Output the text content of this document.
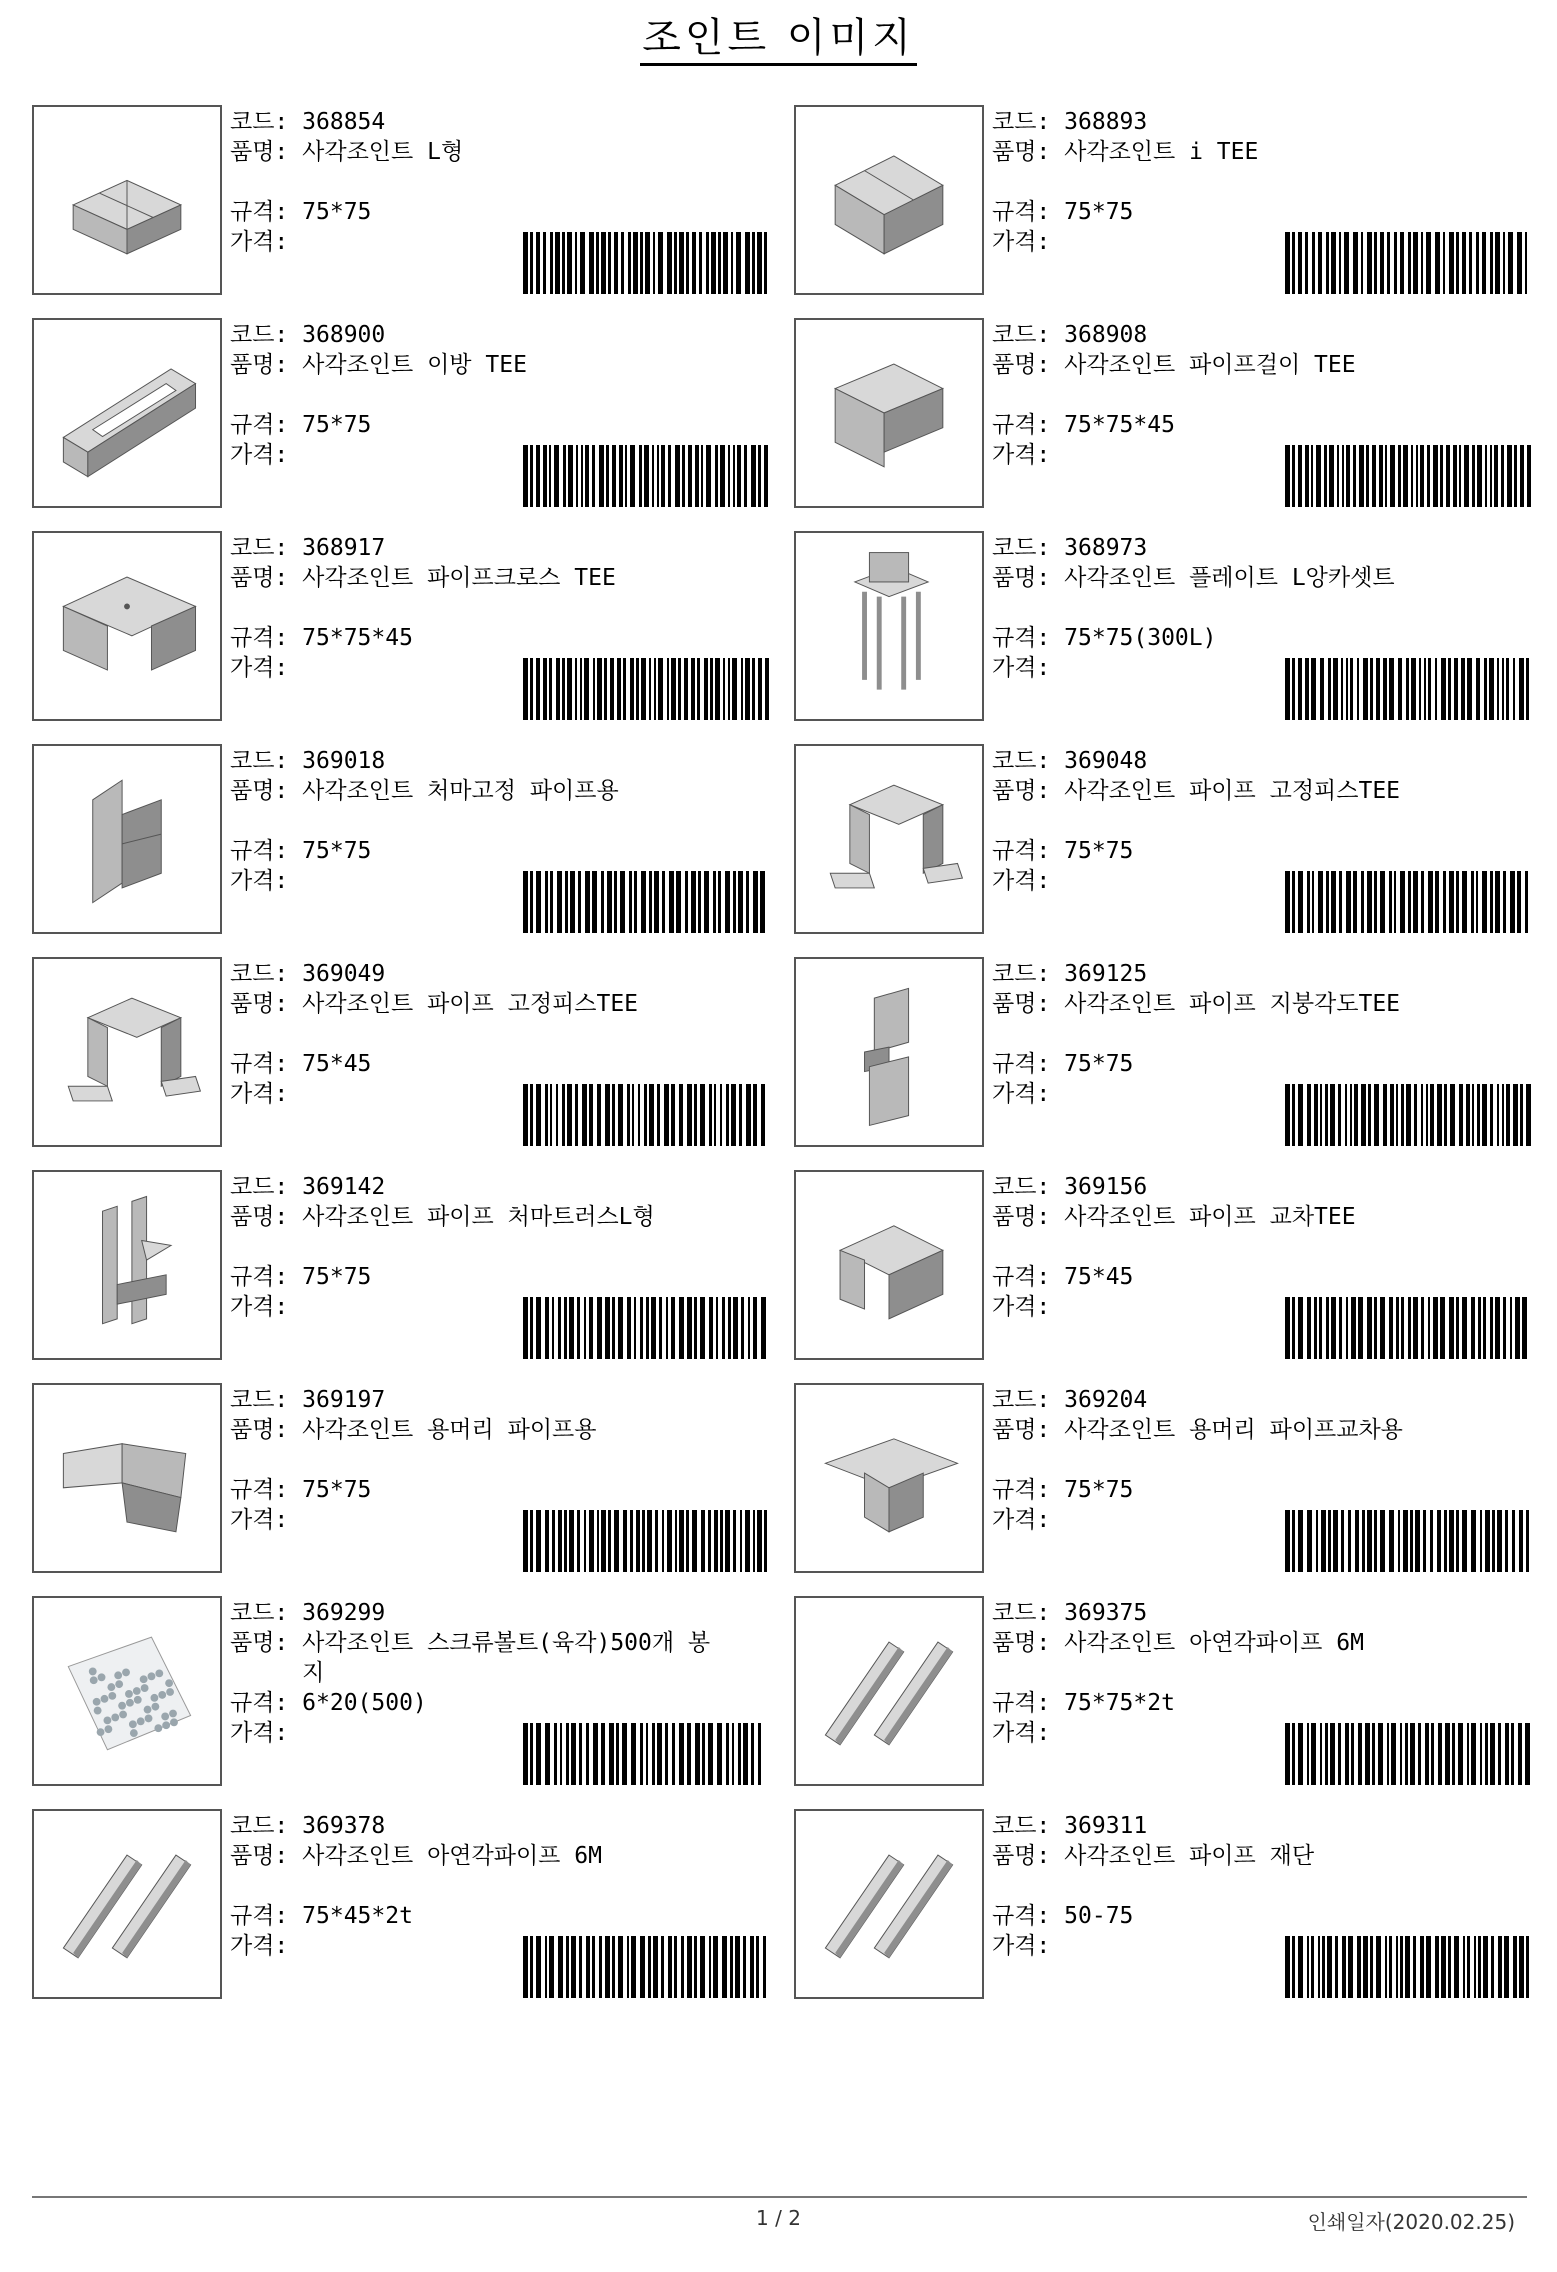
조인트 이미지
코드: 368854
품명: 사각조인트 L형
규격: 75*75
가격:
코드: 368893
품명: 사각조인트 i TEE
규격: 75*75
가격:
코드: 368900
품명: 사각조인트 이방 TEE
규격: 75*75
가격:
코드: 368908
품명: 사각조인트 파이프걸이 TEE
규격: 75*75*45
가격:
코드: 368917
품명: 사각조인트 파이프크로스 TEE
규격: 75*75*45
가격:
코드: 368973
품명: 사각조인트 플레이트 L앙카셋트
규격: 75*75(300L)
가격:
코드: 369018
품명: 사각조인트 처마고정 파이프용
규격: 75*75
가격:
코드: 369048
품명: 사각조인트 파이프 고정피스TEE
규격: 75*75
가격:
코드: 369049
품명: 사각조인트 파이프 고정피스TEE
규격: 75*45
가격:
코드: 369125
품명: 사각조인트 파이프 지붕각도TEE
규격: 75*75
가격:
코드: 369142
품명: 사각조인트 파이프 처마트러스L형
규격: 75*75
가격:
코드: 369156
품명: 사각조인트 파이프 교차TEE
규격: 75*45
가격:
코드: 369197
품명: 사각조인트 용머리 파이프용
규격: 75*75
가격:
코드: 369204
품명: 사각조인트 용머리 파이프교차용
규격: 75*75
가격:
코드: 369299
품명: 사각조인트 스크류볼트(육각)500개 봉
지
규격: 6*20(500)
가격:
코드: 369375
품명: 사각조인트 아연각파이프 6M
규격: 75*75*2t
가격:
코드: 369378
품명: 사각조인트 아연각파이프 6M
규격: 75*45*2t
가격:
코드: 369311
품명: 사각조인트 파이프 재단
규격: 50-75
가격:
1 / 2	인쇄일자(2020.02.25)
